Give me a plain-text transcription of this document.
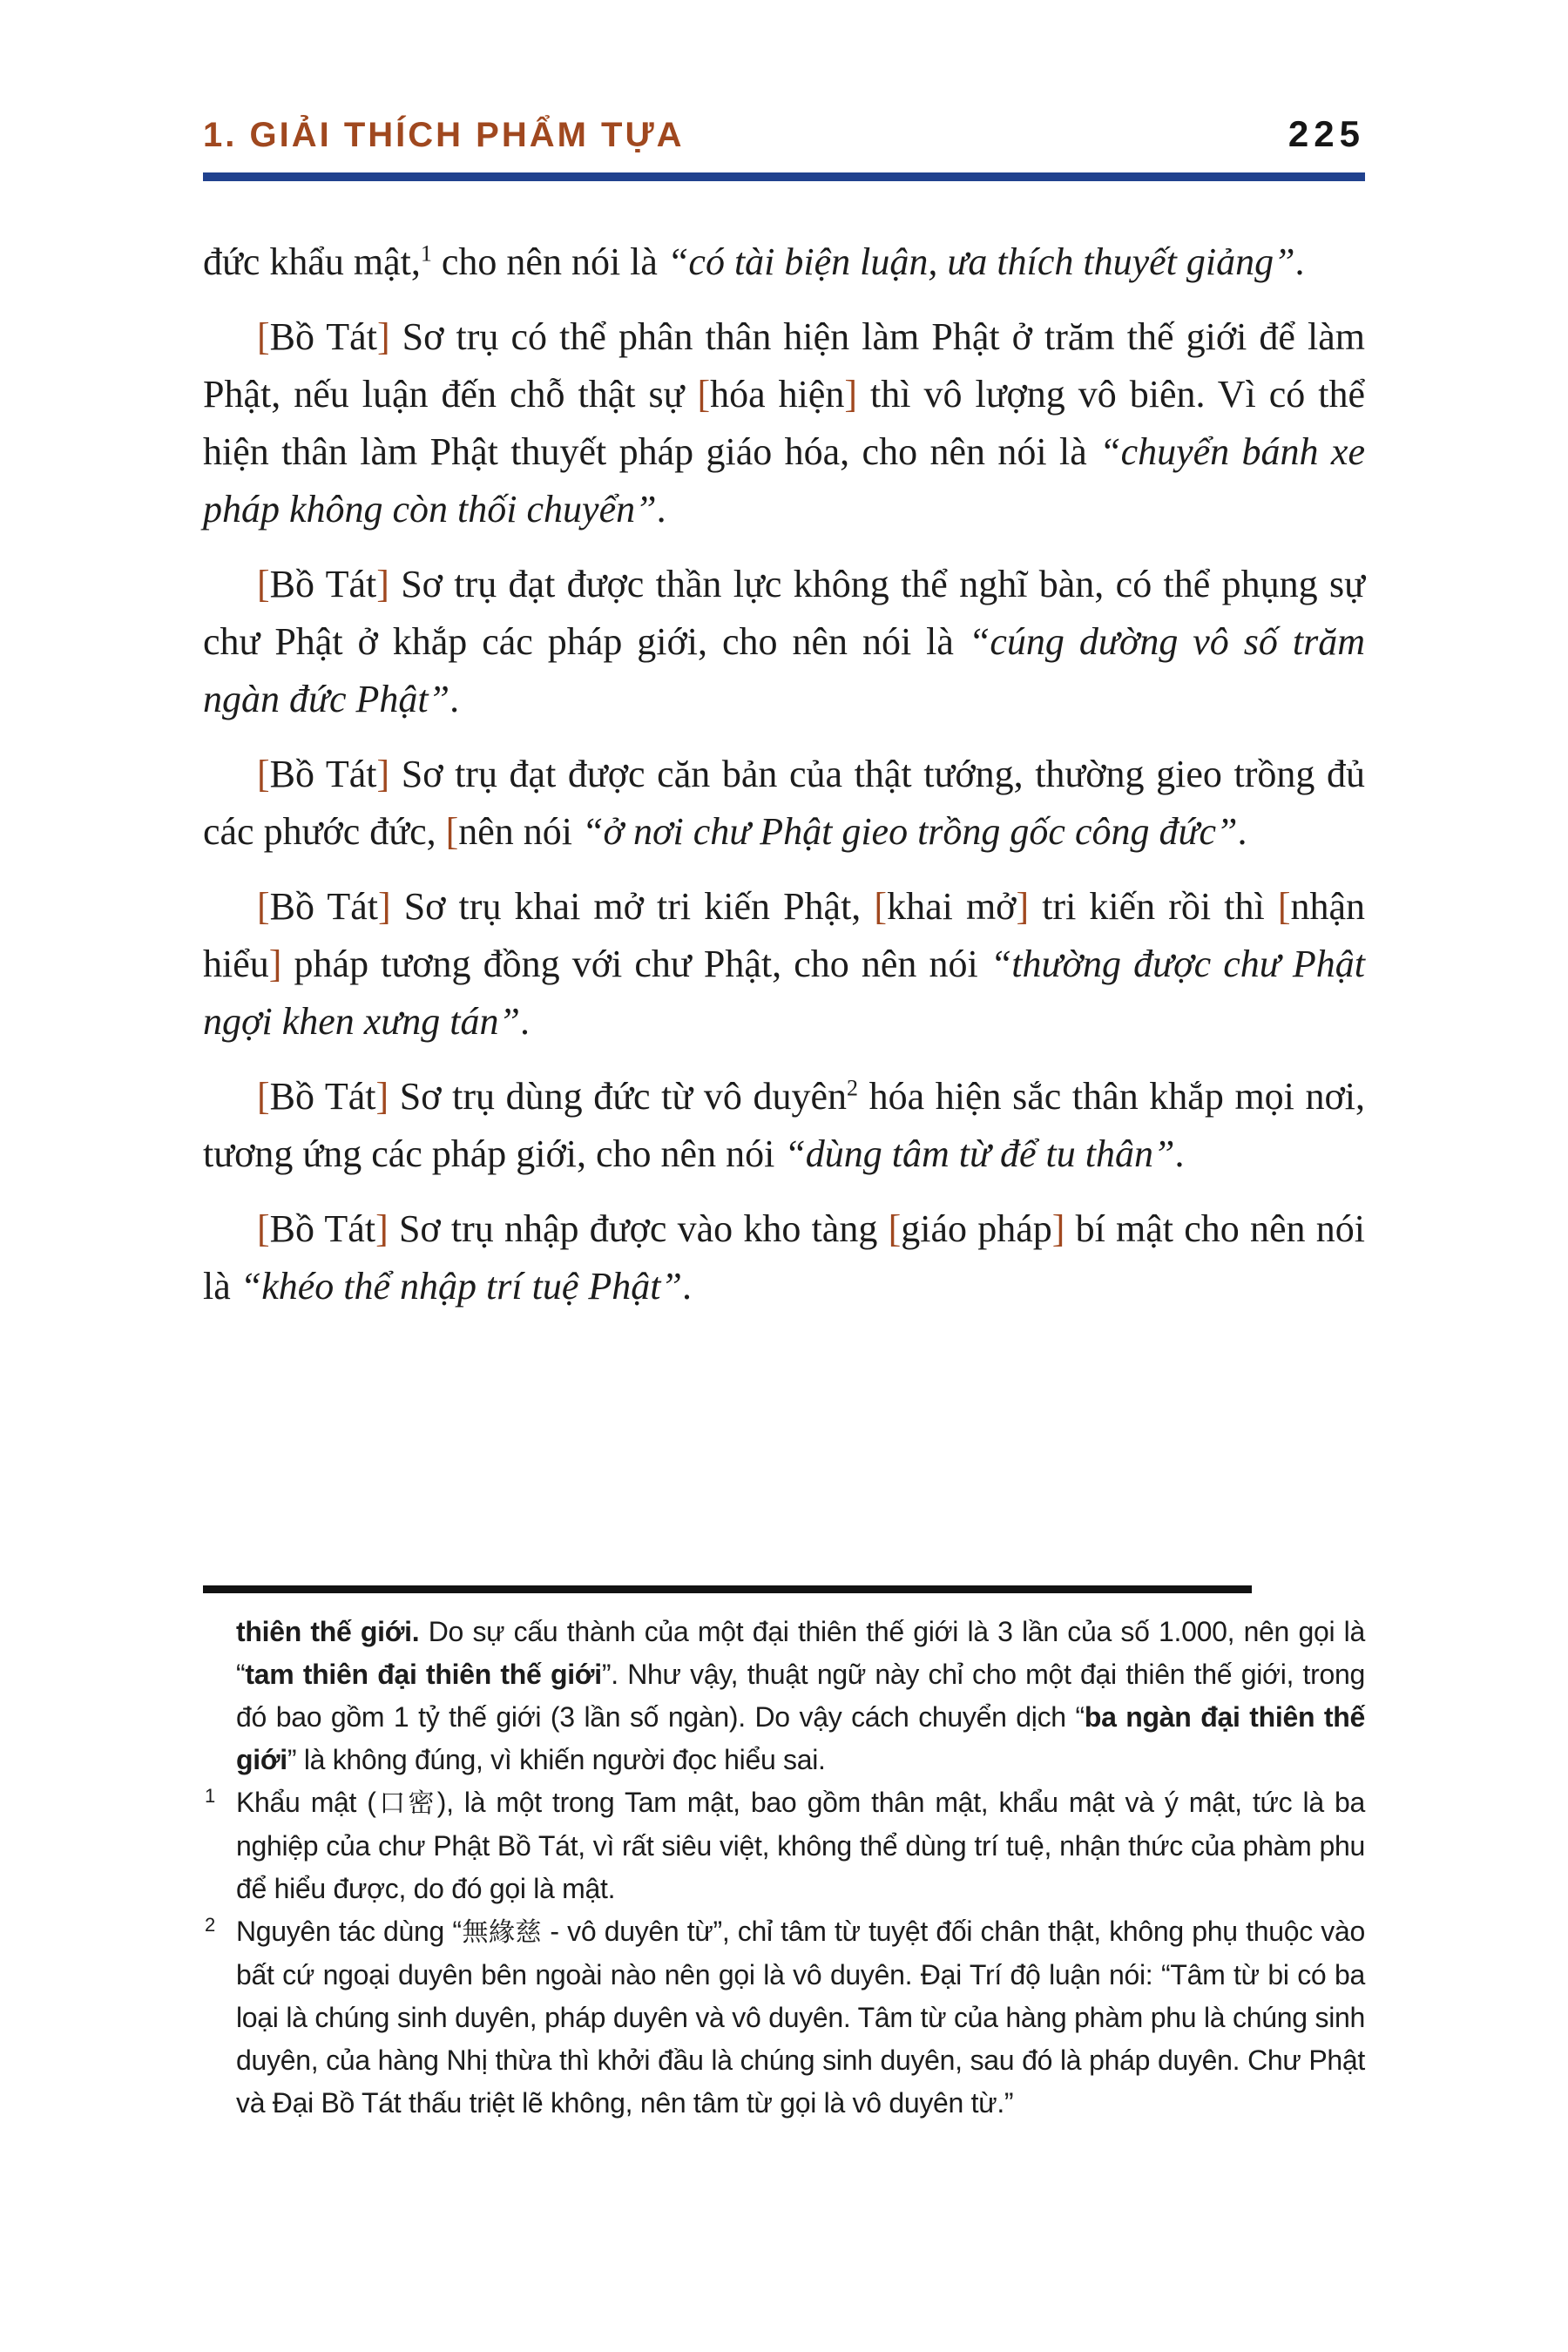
1. GIẢI THÍCH PHẨM TỰA	225

đức khẩu mật,$^1$ cho nên nói là “có tài biện luận, ưa thích thuyết giảng”.

[Bồ Tát] Sơ trụ có thể phân thân hiện làm Phật ở trăm thế giới để làm Phật, nếu luận đến chỗ thật sự [hóa hiện] thì vô lượng vô biên. Vì có thể hiện thân làm Phật thuyết pháp giáo hóa, cho nên nói là “chuyển bánh xe pháp không còn thối chuyển”.

[Bồ Tát] Sơ trụ đạt được thần lực không thể nghĩ bàn, có thể phụng sự chư Phật ở khắp các pháp giới, cho nên nói là “cúng dường vô số trăm ngàn đức Phật”.

[Bồ Tát] Sơ trụ đạt được căn bản của thật tướng, thường gieo trồng đủ các phước đức, [nên nói “ở nơi chư Phật gieo trồng gốc công đức”.

[Bồ Tát] Sơ trụ khai mở tri kiến Phật, [khai mở] tri kiến rồi thì [nhận hiểu] pháp tương đồng với chư Phật, cho nên nói “thường được chư Phật ngợi khen xưng tán”.

[Bồ Tát] Sơ trụ dùng đức từ vô duyên$^2$ hóa hiện sắc thân khắp mọi nơi, tương ứng các pháp giới, cho nên nói “dùng tâm từ để tu thân”.

[Bồ Tát] Sơ trụ nhập được vào kho tàng [giáo pháp] bí mật cho nên nói là “khéo thể nhập trí tuệ Phật”.

thiên thế giới. Do sự cấu thành của một đại thiên thế giới là 3 lần của số 1.000, nên gọi là “tam thiên đại thiên thế giới”. Như vậy, thuật ngữ này chỉ cho một đại thiên thế giới, trong đó bao gồm 1 tỷ thế giới (3 lần số ngàn). Do vậy cách chuyển dịch “ba ngàn đại thiên thế giới” là không đúng, vì khiến người đọc hiểu sai.

1 Khẩu mật (口密), là một trong Tam mật, bao gồm thân mật, khẩu mật và ý mật, tức là ba nghiệp của chư Phật Bồ Tát, vì rất siêu việt, không thể dùng trí tuệ, nhận thức của phàm phu để hiểu được, do đó gọi là mật.

2 Nguyên tác dùng “無緣慈 - vô duyên từ”, chỉ tâm từ tuyệt đối chân thật, không phụ thuộc vào bất cứ ngoại duyên bên ngoài nào nên gọi là vô duyên. Đại Trí độ luận nói: “Tâm từ bi có ba loại là chúng sinh duyên, pháp duyên và vô duyên. Tâm từ của hàng phàm phu là chúng sinh duyên, của hàng Nhị thừa thì khởi đầu là chúng sinh duyên, sau đó là pháp duyên. Chư Phật và Đại Bồ Tát thấu triệt lẽ không, nên tâm từ gọi là vô duyên từ.”
